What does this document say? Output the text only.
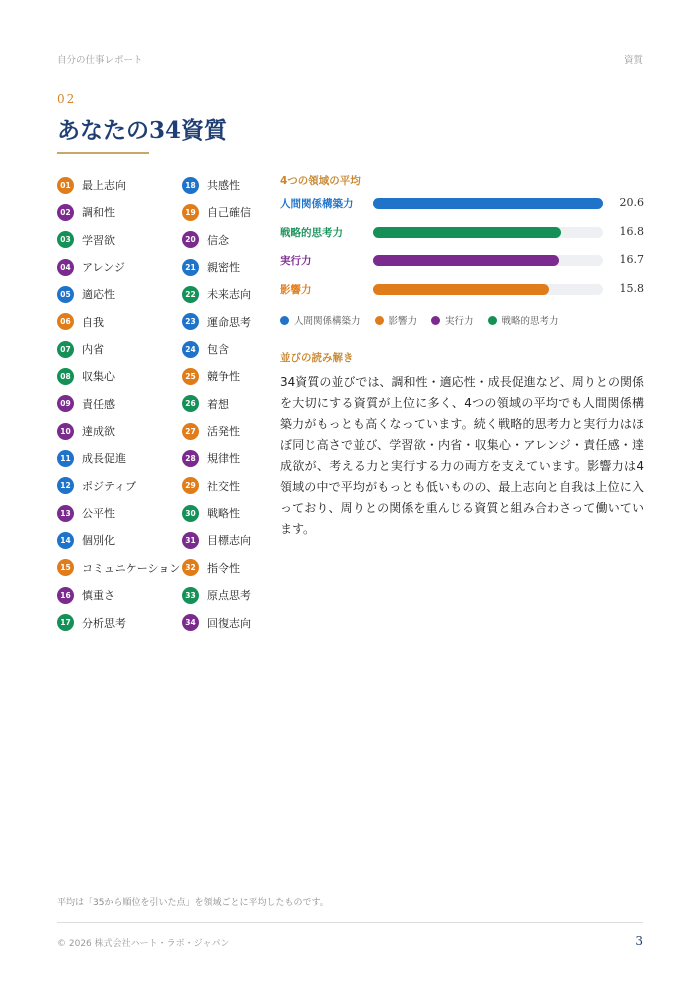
自分の仕事レポート	資質
02
あなたの34資質
01 最上志向
02 調和性
03 学習欲
04 アレンジ
05 適応性
06 自我
07 内省
08 収集心
09 責任感
10 達成欲
11 成長促進
12 ポジティブ
13 公平性
14 個別化
15 コミュニケーション
16 慎重さ
17 分析思考
18 共感性
19 自己確信
20 信念
21 親密性
22 未来志向
23 運命思考
24 包含
25 競争性
26 着想
27 活発性
28 規律性
29 社交性
30 戦略性
31 目標志向
32 指令性
33 原点思考
34 回復志向
4つの領域の平均
人間関係構築力	20.6
戦略的思考力	16.8
実行力	16.7
影響力	15.8
人間関係構築力	影響力	実行力	戦略的思考力
並びの読み解き
34資質の並びでは、調和性・適応性・成長促進など、周りとの関係を大切にする資質が上位に多く、4つの領域の平均でも人間関係構築力がもっとも高くなっています。続く戦略的思考力と実行力はほぼ同じ高さで並び、学習欲・内省・収集心・アレンジ・責任感・達成欲が、考える力と実行する力の両方を支えています。影響力は4領域の中で平均がもっとも低いものの、最上志向と自我は上位に入っており、周りとの関係を重んじる資質と組み合わさって働いています。
平均は「35から順位を引いた点」を領域ごとに平均したものです。
© 2026 株式会社ハート・ラボ・ジャパン	3
